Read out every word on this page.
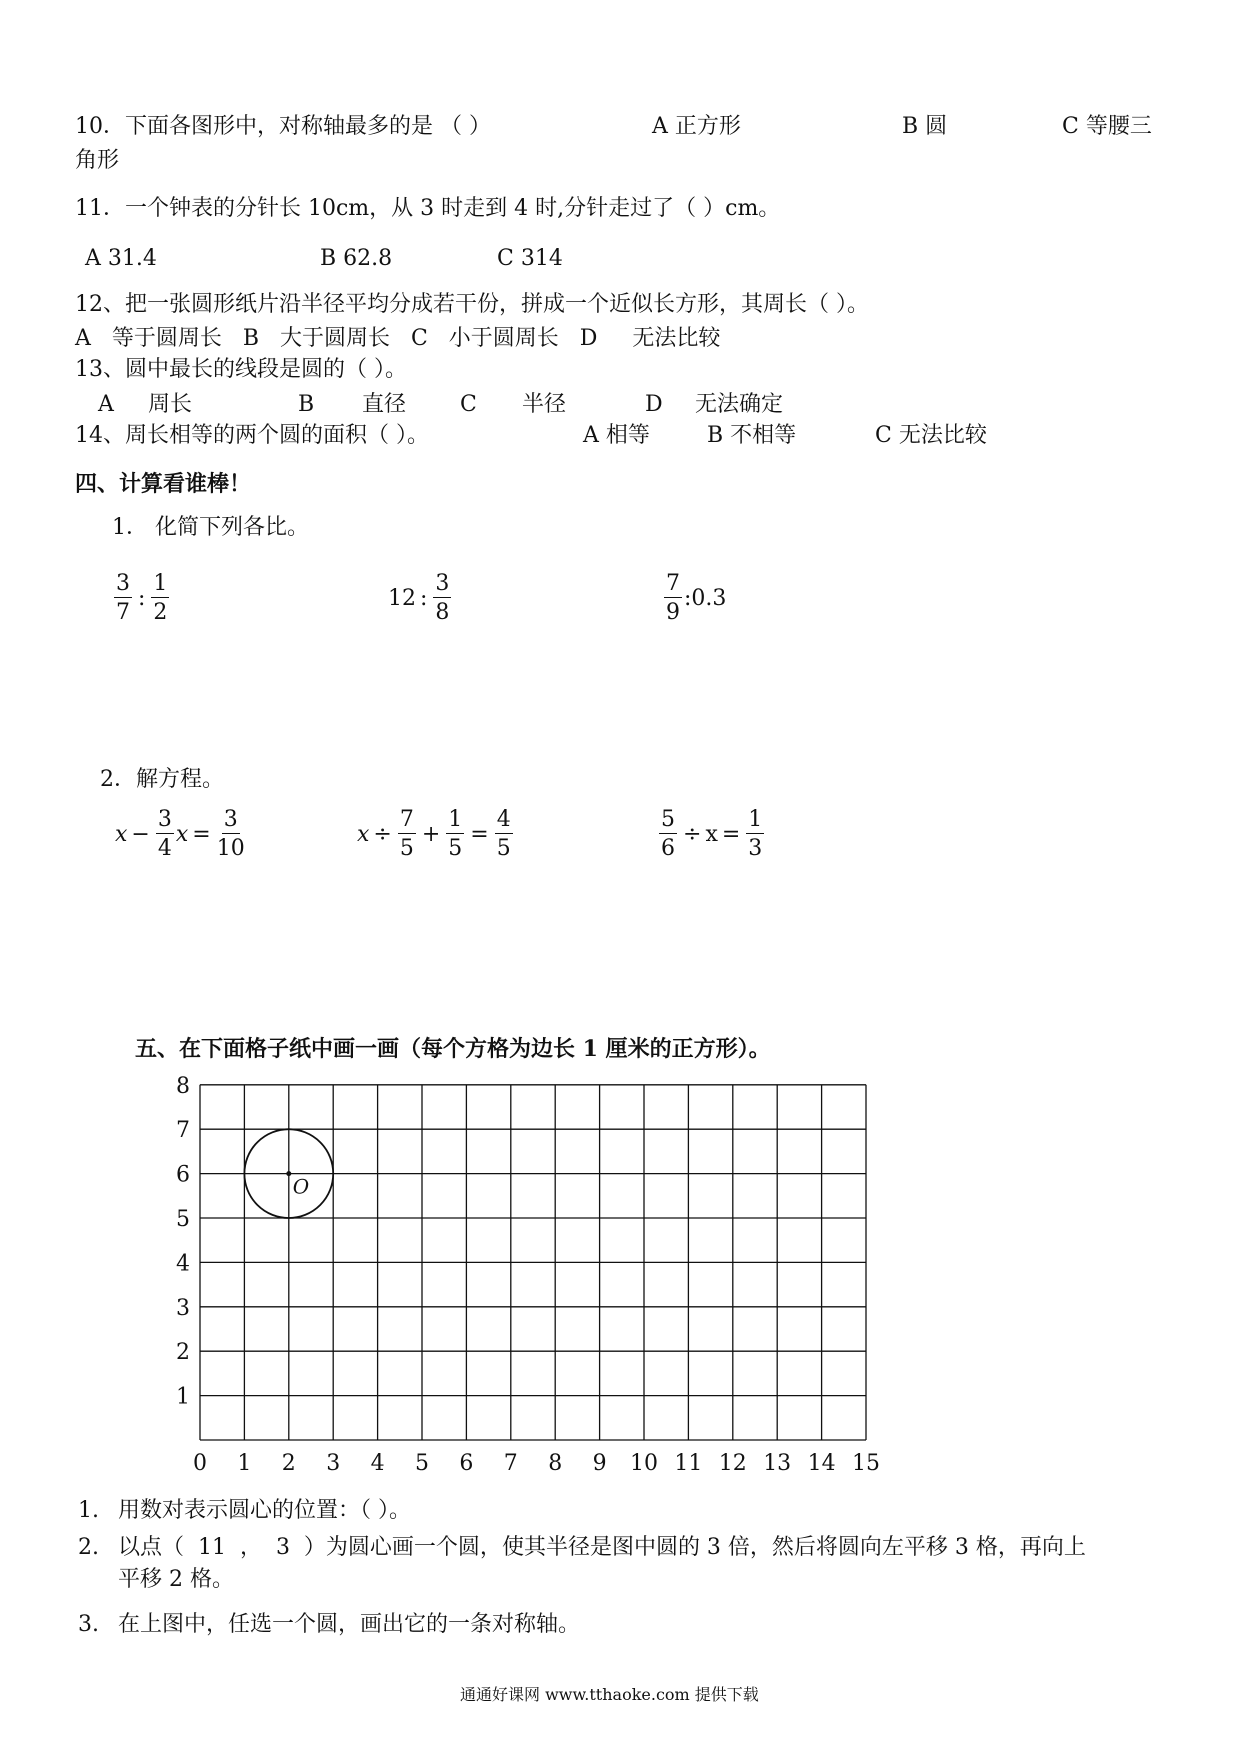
10．下面各图形中，对称轴最多的是 （ ）	A 正方形	B 圆	C 等腰三
角形
11．一个钟表的分针长 10cm，从 3 时走到 4 时,分针走过了（ ）cm。
A 31.4	B 62.8	C 314
12、把一张圆形纸片沿半径平均分成若干份，拼成一个近似长方形，其周长（ ）。
A   等于圆周长   B   大于圆周长   C   小于圆周长   D     无法比较
13、圆中最长的线段是圆的（ ）。
A 周长	B 直径 C 半径	D 无法确定
14、周长相等的两个圆的面积（ ）。	A 相等	B 不相等	C 无法比较
四、计算看谁棒！
1． 化简下列各比。
$\frac{3}{7}$ : $\frac{1}{2}$	12 : $\frac{3}{8}$	$\frac{7}{9}$ :0.3
2．解方程。
$x - \frac{3}{4}$ $x = \frac{3}{10}$	$x \div \frac{7}{5} + \frac{1}{5} = \frac{4}{5}$	$\frac{5}{6} \div x = \frac{1}{3}$
五、在下面格子纸中画一画（每个方格为边长 1 厘米的正方形）。
0 1 2 3 4 5 6 7 8 9 10 11 12 13 14 15
1
2
3
4
5
6
7
8
O
1. 用数对表示圆心的位置：（ ）。
2. 以点（  11  ，  3  ）为圆心画一个圆，使其半径是图中圆的 3 倍，然后将圆向左平移 3 格，再向上
平移 2 格。
3. 在上图中，任选一个圆，画出它的一条对称轴。
通通好课网 www.tthaoke.com 提供下载
